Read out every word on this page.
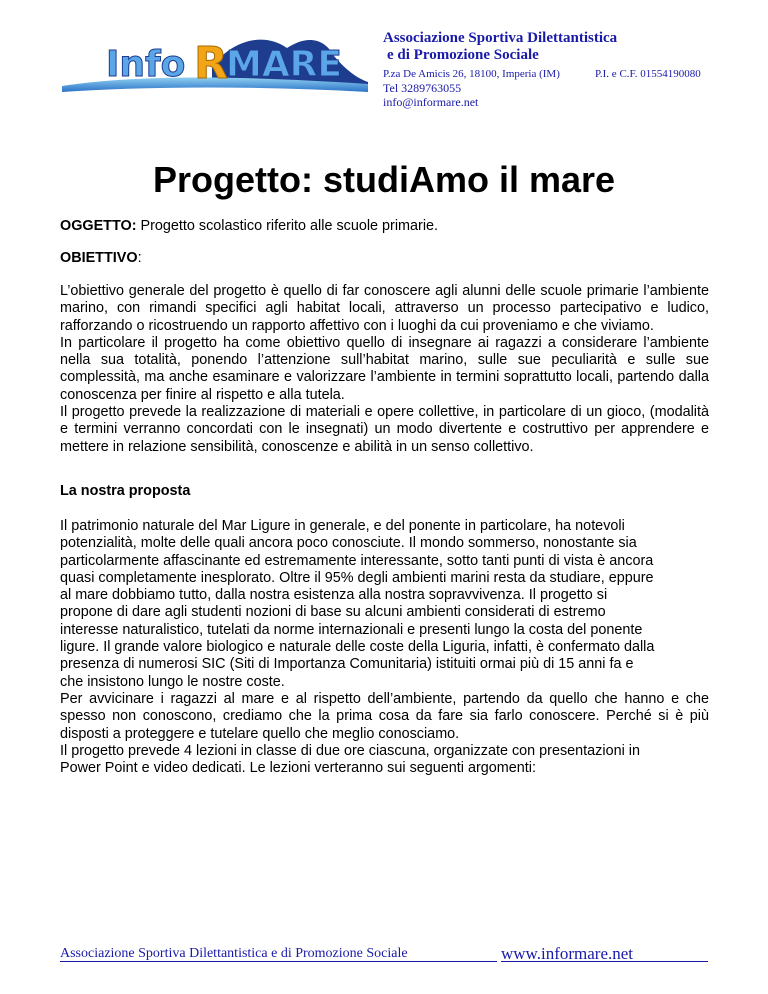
Info R
MARE
Associazione Sportiva Dilettantistica
e di Promozione Sociale
P.za De Amicis 26, 18100, Imperia (IM)	P.I. e C.F. 01554190080
Tel 3289763055
info@informare.net
Progetto: studiAmo il mare
OGGETTO: Progetto scolastico riferito alle scuole primarie.
OBIETTIVO:

L’obiettivo generale del progetto è quello di far conoscere agli alunni delle scuole primarie l’ambiente marino, con rimandi specifici agli habitat locali, attraverso un processo partecipativo e ludico, rafforzando o ricostruendo un rapporto affettivo con i luoghi da cui proveniamo e che viviamo.

In particolare il progetto ha come obiettivo quello di insegnare ai ragazzi a considerare l’ambiente nella sua totalità, ponendo l’attenzione sull’habitat marino, sulle sue peculiarità e sulle sue complessità, ma anche esaminare e valorizzare l’ambiente in termini soprattutto locali, partendo dalla conoscenza per finire al rispetto e alla tutela.

Il progetto prevede la realizzazione di materiali e opere collettive, in particolare di un gioco, (modalità e termini verranno concordati con le insegnati) un modo divertente e costruttivo per apprendere e mettere in relazione sensibilità, conoscenze e abilità in un senso collettivo.

La nostra proposta
Il patrimonio naturale del Mar Ligure in generale, e del ponente in particolare, ha notevoli
potenzialità, molte delle quali ancora poco conosciute. Il mondo sommerso, nonostante sia
particolarmente affascinante ed estremamente interessante, sotto tanti punti di vista è ancora
quasi completamente inesplorato. Oltre il 95% degli ambienti marini resta da studiare, eppure
al mare dobbiamo tutto, dalla nostra esistenza alla nostra sopravvivenza. Il progetto si
propone di dare agli studenti nozioni di base su alcuni ambienti considerati di estremo
interesse naturalistico, tutelati da norme internazionali e presenti lungo la costa del ponente
ligure. Il grande valore biologico e naturale delle coste della Liguria, infatti, è confermato dalla
presenza di numerosi SIC (Siti di Importanza Comunitaria) istituiti ormai più di 15 anni fa e
che insistono lungo le nostre coste.
Per avvicinare i ragazzi al mare e al rispetto dell’ambiente, partendo da quello che hanno e che spesso non conoscono, crediamo che la prima cosa da fare sia farlo conoscere. Perché si è più disposti a proteggere e tutelare quello che meglio conosciamo.
Il progetto prevede 4 lezioni in classe di due ore ciascuna, organizzate con presentazioni in
Power Point e video dedicati. Le lezioni verteranno sui seguenti argomenti:
Associazione Sportiva Dilettantistica e di Promozione Sociale	www.informare.net
